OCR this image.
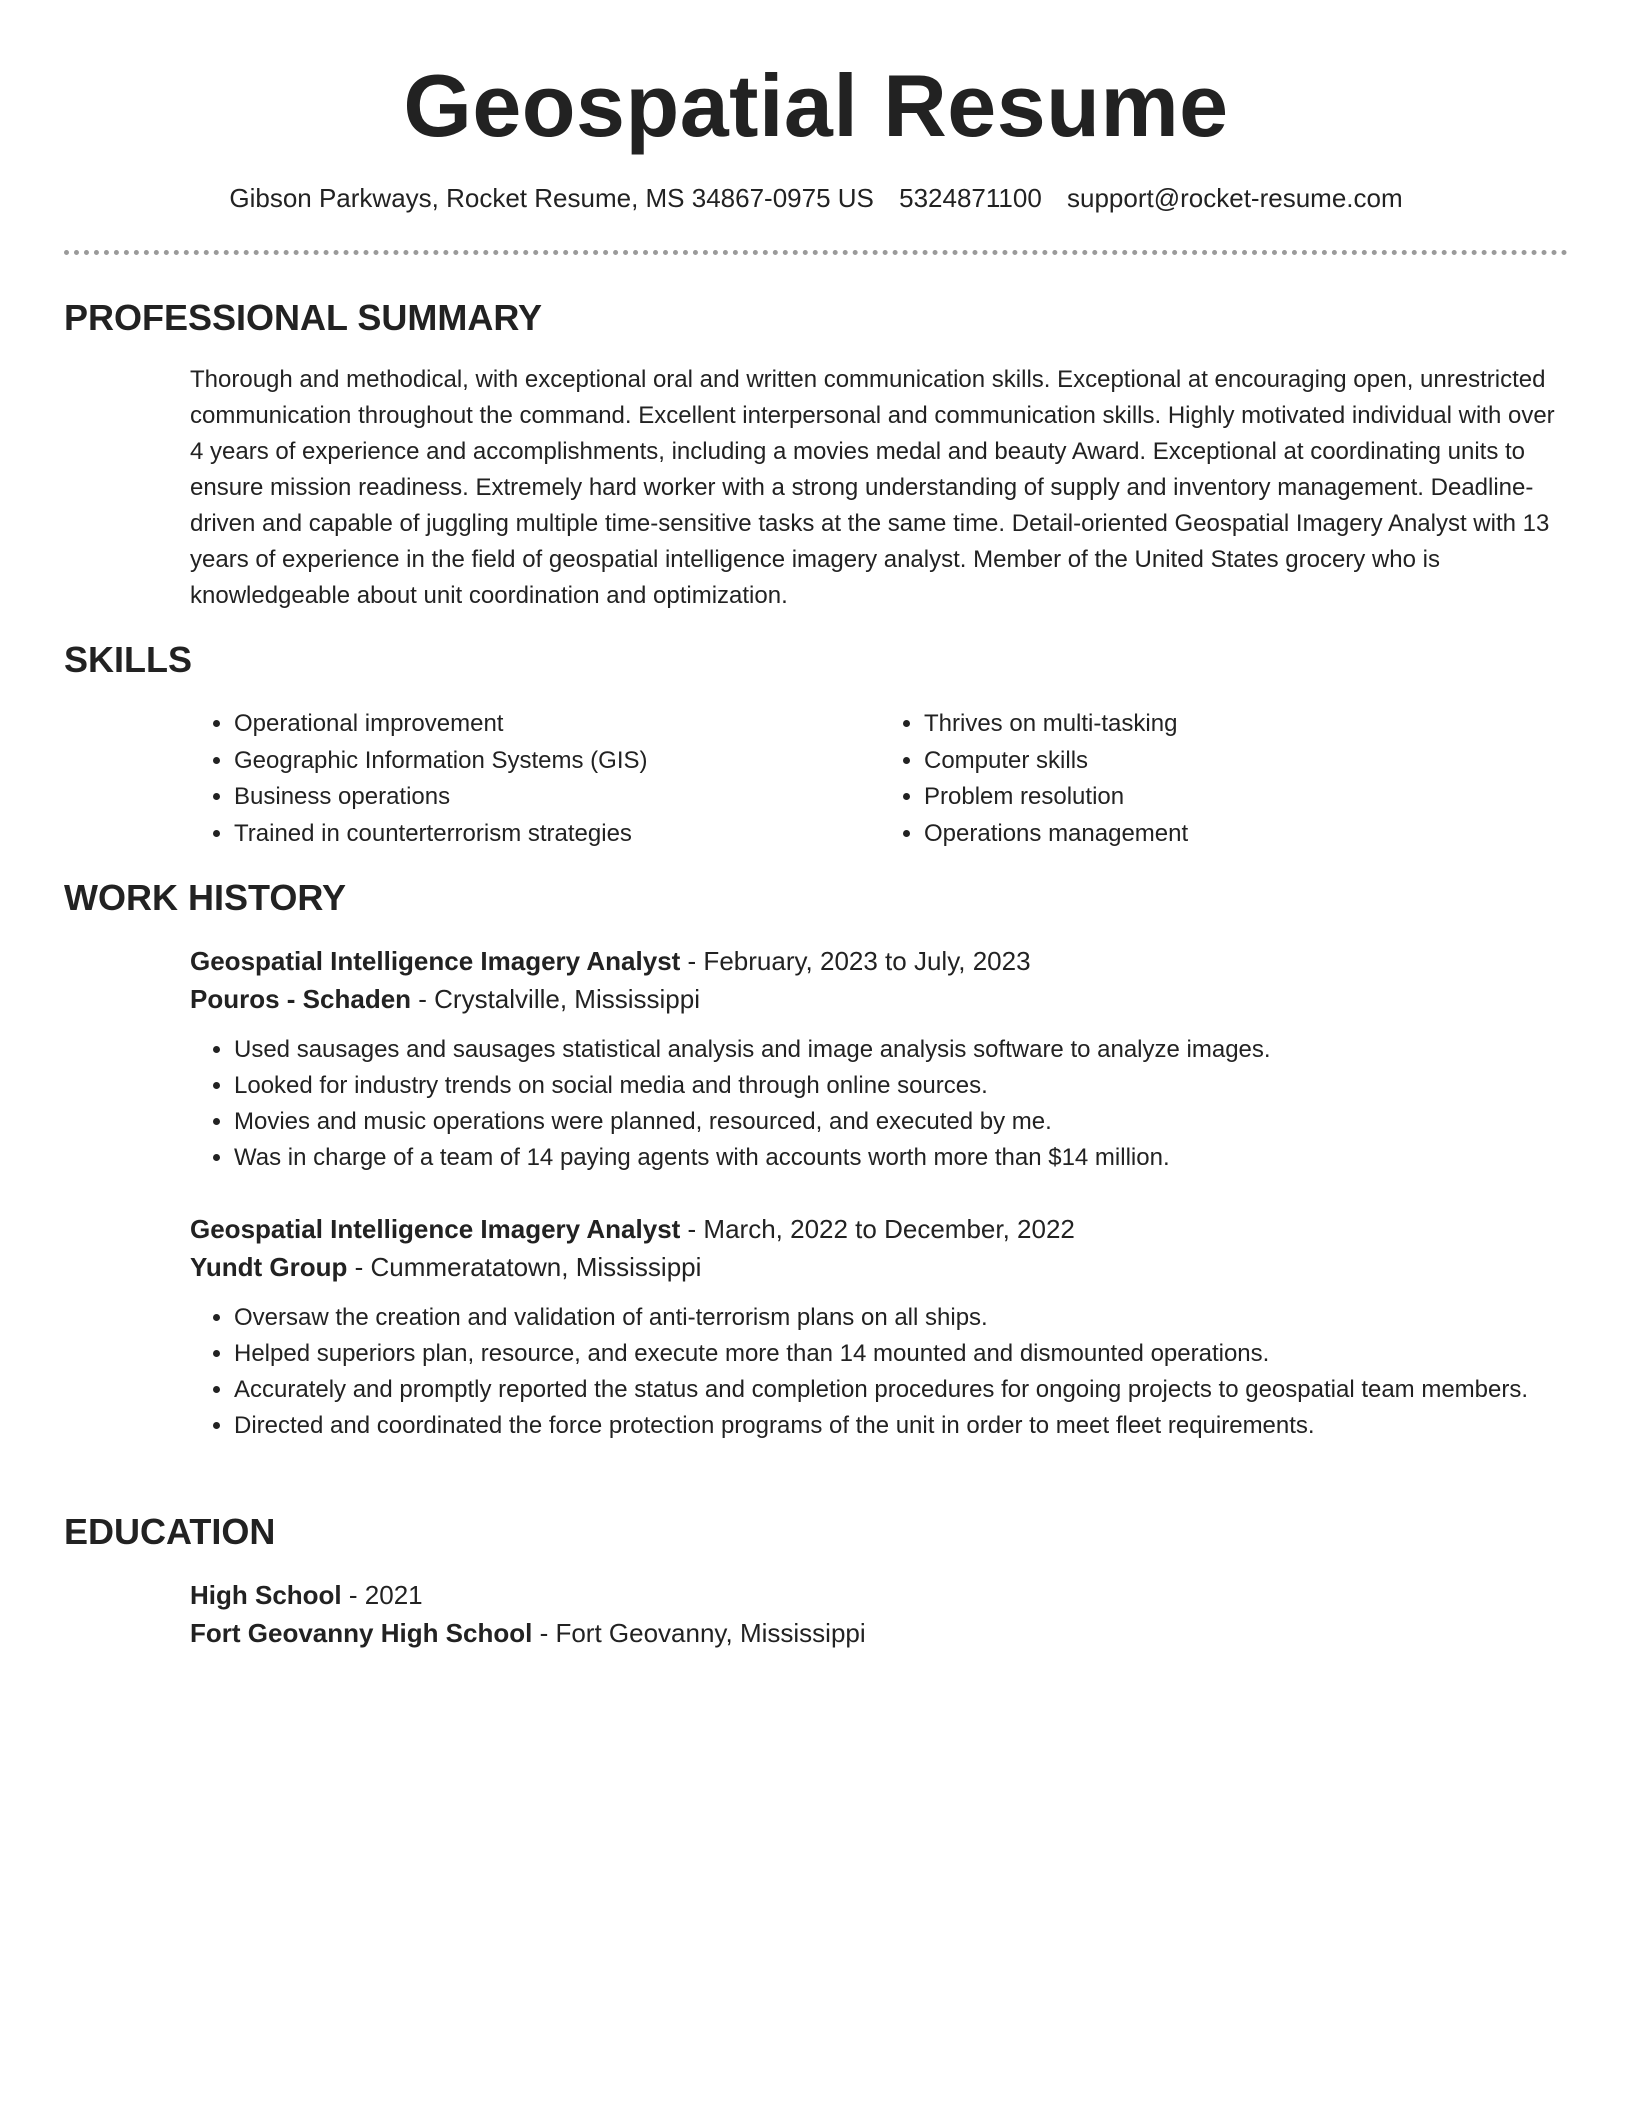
Geospatial Resume
Gibson Parkways, Rocket Resume, MS 34867-0975 US 5324871100 support@rocket-resume.com
PROFESSIONAL SUMMARY
Thorough and methodical, with exceptional oral and written communication skills. Exceptional at encouraging open, unrestricted communication throughout the command. Excellent interpersonal and communication skills. Highly motivated individual with over 4 years of experience and accomplishments, including a movies medal and beauty Award. Exceptional at coordinating units to ensure mission readiness. Extremely hard worker with a strong understanding of supply and inventory management. Deadline-driven and capable of juggling multiple time-sensitive tasks at the same time. Detail-oriented Geospatial Imagery Analyst with 13 years of experience in the field of geospatial intelligence imagery analyst. Member of the United States grocery who is knowledgeable about unit coordination and optimization.
SKILLS
• Operational improvement
• Geographic Information Systems (GIS)
• Business operations
• Trained in counterterrorism strategies
• Thrives on multi-tasking
• Computer skills
• Problem resolution
• Operations management
WORK HISTORY
Geospatial Intelligence Imagery Analyst - February, 2023 to July, 2023
Pouros - Schaden - Crystalville, Mississippi
• Used sausages and sausages statistical analysis and image analysis software to analyze images.
• Looked for industry trends on social media and through online sources.
• Movies and music operations were planned, resourced, and executed by me.
• Was in charge of a team of 14 paying agents with accounts worth more than $14 million.
Geospatial Intelligence Imagery Analyst - March, 2022 to December, 2022
Yundt Group - Cummeratatown, Mississippi
• Oversaw the creation and validation of anti-terrorism plans on all ships.
• Helped superiors plan, resource, and execute more than 14 mounted and dismounted operations.
• Accurately and promptly reported the status and completion procedures for ongoing projects to geospatial team members.
• Directed and coordinated the force protection programs of the unit in order to meet fleet requirements.
EDUCATION
High School - 2021
Fort Geovanny High School - Fort Geovanny, Mississippi
